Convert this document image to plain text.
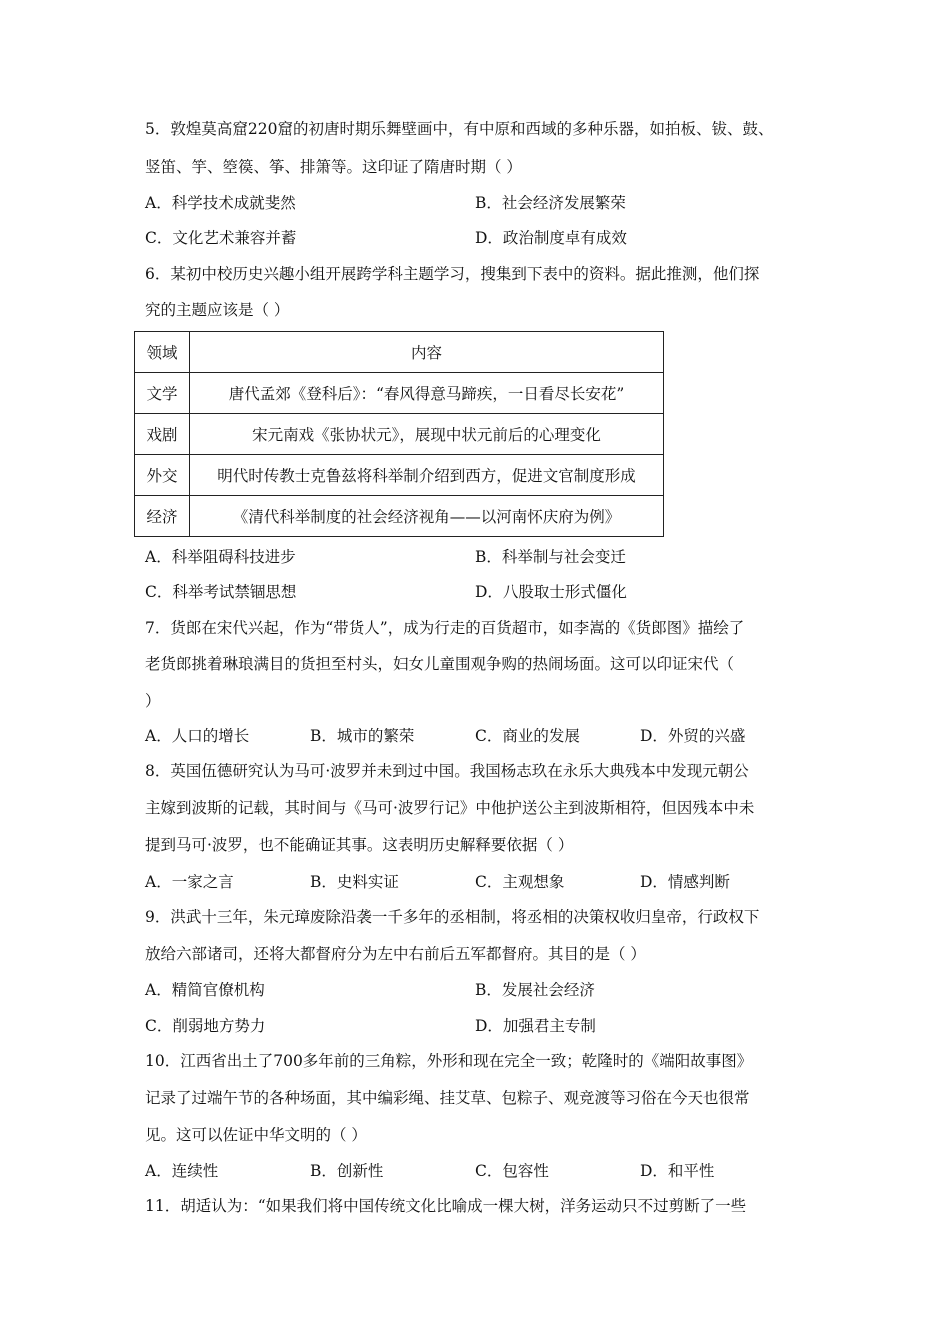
5．敦煌莫高窟220窟的初唐时期乐舞壁画中，有中原和西域的多种乐器，如拍板、钹、鼓、
竖笛、竽、箜篌、筝、排箫等。这印证了隋唐时期（ ）
A．科学技术成就斐然	B．社会经济发展繁荣
C．文化艺术兼容并蓄	D．政治制度卓有成效
6．某初中校历史兴趣小组开展跨学科主题学习，搜集到下表中的资料。据此推测，他们探
究的主题应该是（ ）
领域	内容
文学	唐代孟郊《登科后》：“春风得意马蹄疾，一日看尽长安花”
戏剧	宋元南戏《张协状元》，展现中状元前后的心理变化
外交	明代时传教士克鲁兹将科举制介绍到西方，促进文官制度形成
经济	《清代科举制度的社会经济视角——以河南怀庆府为例》
A．科举阻碍科技进步	B．科举制与社会变迁
C．科举考试禁锢思想	D．八股取士形式僵化
7．货郎在宋代兴起，作为“带货人”，成为行走的百货超市，如李嵩的《货郎图》描绘了
老货郎挑着琳琅满目的货担至村头，妇女儿童围观争购的热闹场面。这可以印证宋代（
）
A．人口的增长	B．城市的繁荣	C．商业的发展	D．外贸的兴盛
8．英国伍德研究认为马可·波罗并未到过中国。我国杨志玖在永乐大典残本中发现元朝公
主嫁到波斯的记载，其时间与《马可·波罗行记》中他护送公主到波斯相符，但因残本中未
提到马可·波罗，也不能确证其事。这表明历史解释要依据（ ）
A．一家之言	B．史料实证	C．主观想象	D．情感判断
9．洪武十三年，朱元璋废除沿袭一千多年的丞相制，将丞相的决策权收归皇帝，行政权下
放给六部诸司，还将大都督府分为左中右前后五军都督府。其目的是（ ）
A．精简官僚机构	B．发展社会经济
C．削弱地方势力	D．加强君主专制
10．江西省出土了700多年前的三角粽，外形和现在完全一致；乾隆时的《端阳故事图》
记录了过端午节的各种场面，其中编彩绳、挂艾草、包粽子、观竞渡等习俗在今天也很常
见。这可以佐证中华文明的（ ）
A．连续性	B．创新性	C．包容性	D．和平性
11．胡适认为：“如果我们将中国传统文化比喻成一棵大树，洋务运动只不过剪断了一些
